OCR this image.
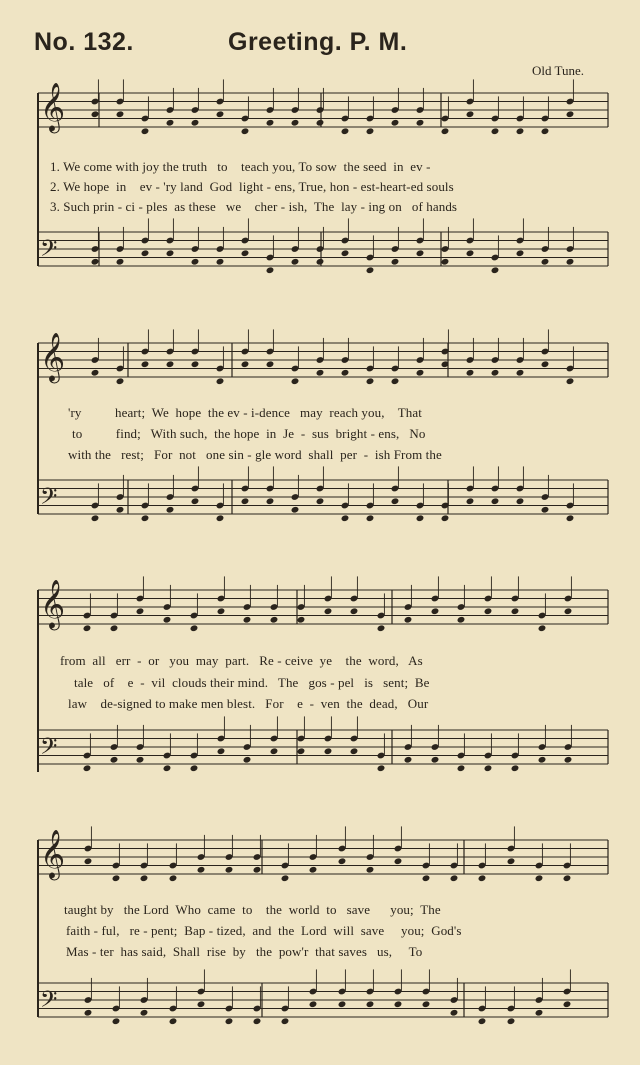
No. 132.	Greeting. P. M.
Old Tune.
𝄞
𝄢
1. We come with joy the truth   to    teach you, To sow  the seed  in  ev -
2. We hope  in    ev - 'ry land  God  light - ens, True, hon - est-heart-ed souls
3. Such prin - ci - ples  as these   we    cher - ish,  The  lay - ing on   of hands
𝄞
𝄢
'ry          heart;  We  hope  the ev - i-dence   may  reach you,    That
to          find;   With such,  the hope  in  Je  -  sus  bright - ens,   No
with the   rest;   For  not   one sin - gle word  shall  per  -  ish From the
𝄞
𝄢
from  all   err  -  or   you  may  part.   Re - ceive  ye    the  word,   As
tale   of    e  -  vil  clouds their mind.   The   gos - pel   is   sent;  Be
law    de-signed to make men blest.   For    e  -  ven  the  dead,   Our
𝄞
𝄢
taught by   the Lord  Who  came  to    the  world  to   save      you;  The
faith - ful,   re - pent;  Bap - tized,  and  the  Lord  will  save     you;  God's
Mas - ter  has said,  Shall  rise  by   the  pow'r  that saves   us,     To
